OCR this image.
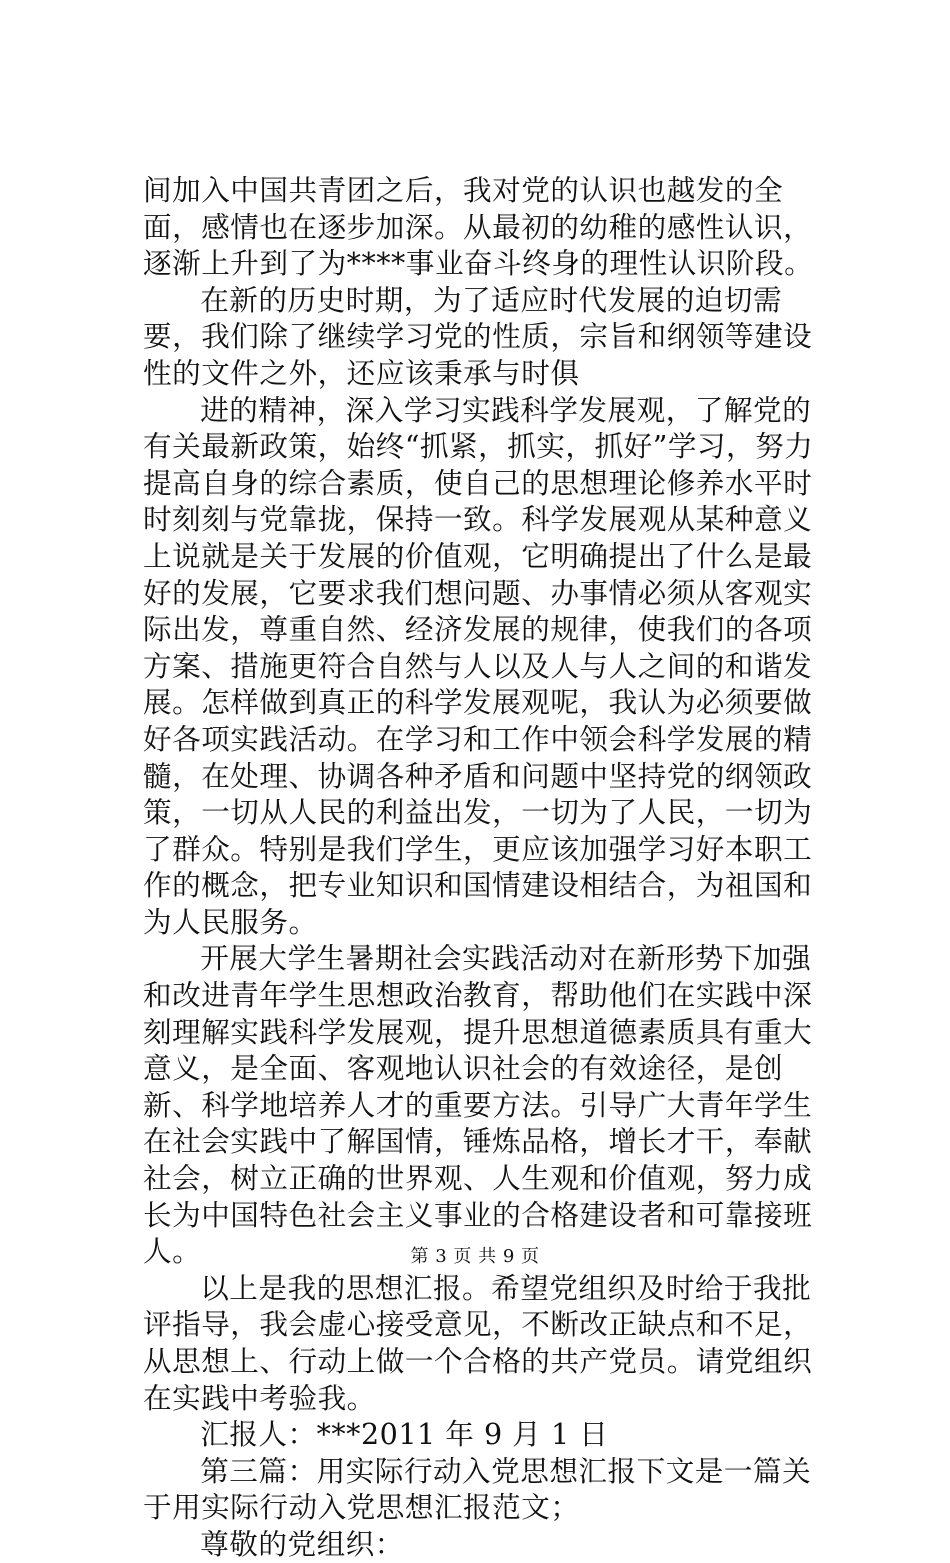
间加入中国共青团之后，我对党的认识也越发的全面，感情也在逐步加深。从最初的幼稚的感性认识，逐渐上升到了为****事业奋斗终身的理性认识阶段。

在新的历史时期，为了适应时代发展的迫切需要，我们除了继续学习党的性质，宗旨和纲领等建设性的文件之外，还应该秉承与时俱

进的精神，深入学习实践科学发展观，了解党的有关最新政策，始终“抓紧，抓实，抓好”学习，努力提高自身的综合素质，使自己的思想理论修养水平时时刻刻与党靠拢，保持一致。科学发展观从某种意义上说就是关于发展的价值观，它明确提出了什么是最好的发展，它要求我们想问题、办事情必须从客观实际出发，尊重自然、经济发展的规律，使我们的各项方案、措施更符合自然与人以及人与人之间的和谐发展。怎样做到真正的科学发展观呢，我认为必须要做好各项实践活动。在学习和工作中领会科学发展的精髓，在处理、协调各种矛盾和问题中坚持党的纲领政策，一切从人民的利益出发，一切为了人民，一切为了群众。特别是我们学生，更应该加强学习好本职工作的概念，把专业知识和国情建设相结合，为祖国和为人民服务。

开展大学生暑期社会实践活动对在新形势下加强和改进青年学生思想政治教育，帮助他们在实践中深刻理解实践科学发展观，提升思想道德素质具有重大意义，是全面、客观地认识社会的有效途径，是创新、科学地培养人才的重要方法。引导广大青年学生在社会实践中了解国情，锤炼品格，增长才干，奉献社会，树立正确的世界观、人生观和价值观，努力成长为中国特色社会主义事业的合格建设者和可靠接班人。

以上是我的思想汇报。希望党组织及时给于我批评指导，我会虚心接受意见，不断改正缺点和不足，从思想上、行动上做一个合格的共产党员。请党组织在实践中考验我。

汇报人：***2011 年 9 月 1 日

第三篇：用实际行动入党思想汇报下文是一篇关于用实际行动入党思想汇报范文；

尊敬的党组织：

第 3 页 共 9 页
